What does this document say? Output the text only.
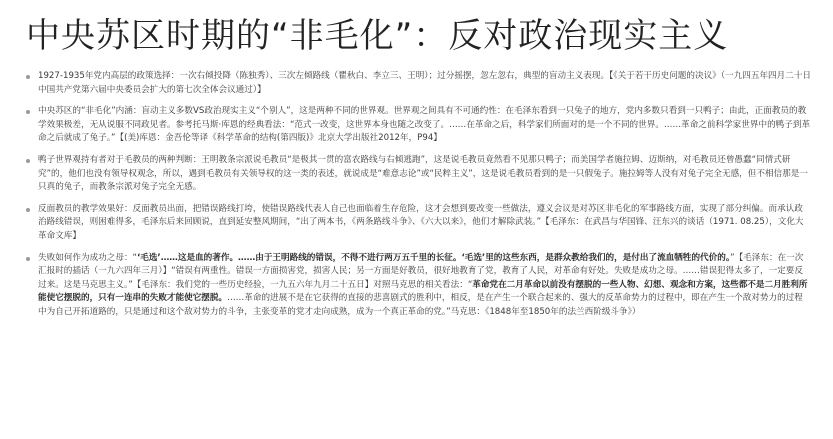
中央苏区时期的“非毛化”：反对政治现实主义
1927-1935年党内高层的政策选择：一次右倾投降（陈独秀）、三次左倾路线（瞿秋白、李立三、王明）；过分摇摆，忽左忽右，典型的盲动主义表现。【《关于若干历史问题的决议》（一九四五年四月二十日中国共产党第六届中央委员会扩大的第七次全体会议通过）】
中央苏区的“非毛化”内涵：盲动主义多数VS政治现实主义“个别人”，这是两种不同的世界观。世界观之间具有不可通约性：在毛泽东看到一只兔子的地方，党内多数只看到一只鸭子；由此，正面教员的教学效果极差，无从说服不同政见者。参考托马斯·库恩的经典看法：“范式一改变，这世界本身也随之改变了。……在革命之后，科学家们所面对的是一个不同的世界。……革命之前科学家世界中的鸭子到革命之后就成了兔子。”【(美)库恩：金吾伦等译《科学革命的结构(第四版)》北京大学出版社2012年，P94】
鸭子世界观持有者对于毛教员的两种判断：王明教条宗派说毛教员“是极其一贯的富农路线与右倾逃跑”，这是说毛教员竟然看不见那只鸭子；而美国学者施拉姆、迈斯纳，对毛教员还曾愚蠢“同情式研究”的，他们也没有领导权观念，所以，遇到毛教员有关领导权的这一类的表述，就说成是“难意志论”或“民粹主义”，这是说毛教员看到的是一只假兔子。施拉姆等人没有对兔子完全无感，但不相信那是一只真的兔子，而教条宗派对兔子完全无感。
反面教员的教学效果好：反面教员出面，把错误路线打垮，使错误路线代表人自己也面临着生存危险，这才会想到要改变一些做法，遵义会议是对苏区非毛化的军事路线方面，实现了部分纠偏。而承认政治路线错误，则困难得多，毛泽东后来回顾说，直到延安整风期间，“出了两本书，《两条路线斗争》、《六大以来》，他们才解除武装。”【毛泽东：在武昌与华国锋、汪东兴的谈话（1971. 08.25），文化大革命文库】
失败如何作为成功之母：“‘毛选’……这是血的著作。……由于王明路线的错误，不得不进行两万五千里的长征。‘毛选’里的这些东西，是群众教给我们的，是付出了流血牺牲的代价的。”【毛泽东：在一次汇报时的插话（一九六四年三月）】“错误有两重性。错误一方面损害党，损害人民；另一方面是好教员，很好地教育了党，教育了人民，对革命有好处。失败是成功之母。……错误犯得太多了，一定要反过来。这是马克思主义。”【毛泽东：我们党的一些历史经验，一九五六年九月二十五日】对照马克思的相关看法：“革命党在二月革命以前没有摆脱的一些人物、幻想、观念和方案，这些都不是二月胜利所能使它摆脱的，只有一连串的失败才能使它摆脱。……革命的进展不是在它获得的直接的悲喜剧式的胜利中，相反，是在产生一个联合起来的、强大的反革命势力的过程中，即在产生一个敌对势力的过程中为自己开拓道路的，只是通过和这个敌对势力的斗争，主张变革的党才走向成熟，成为一个真正革命的党。”马克思：《1848年至1850年的法兰西阶级斗争》）
